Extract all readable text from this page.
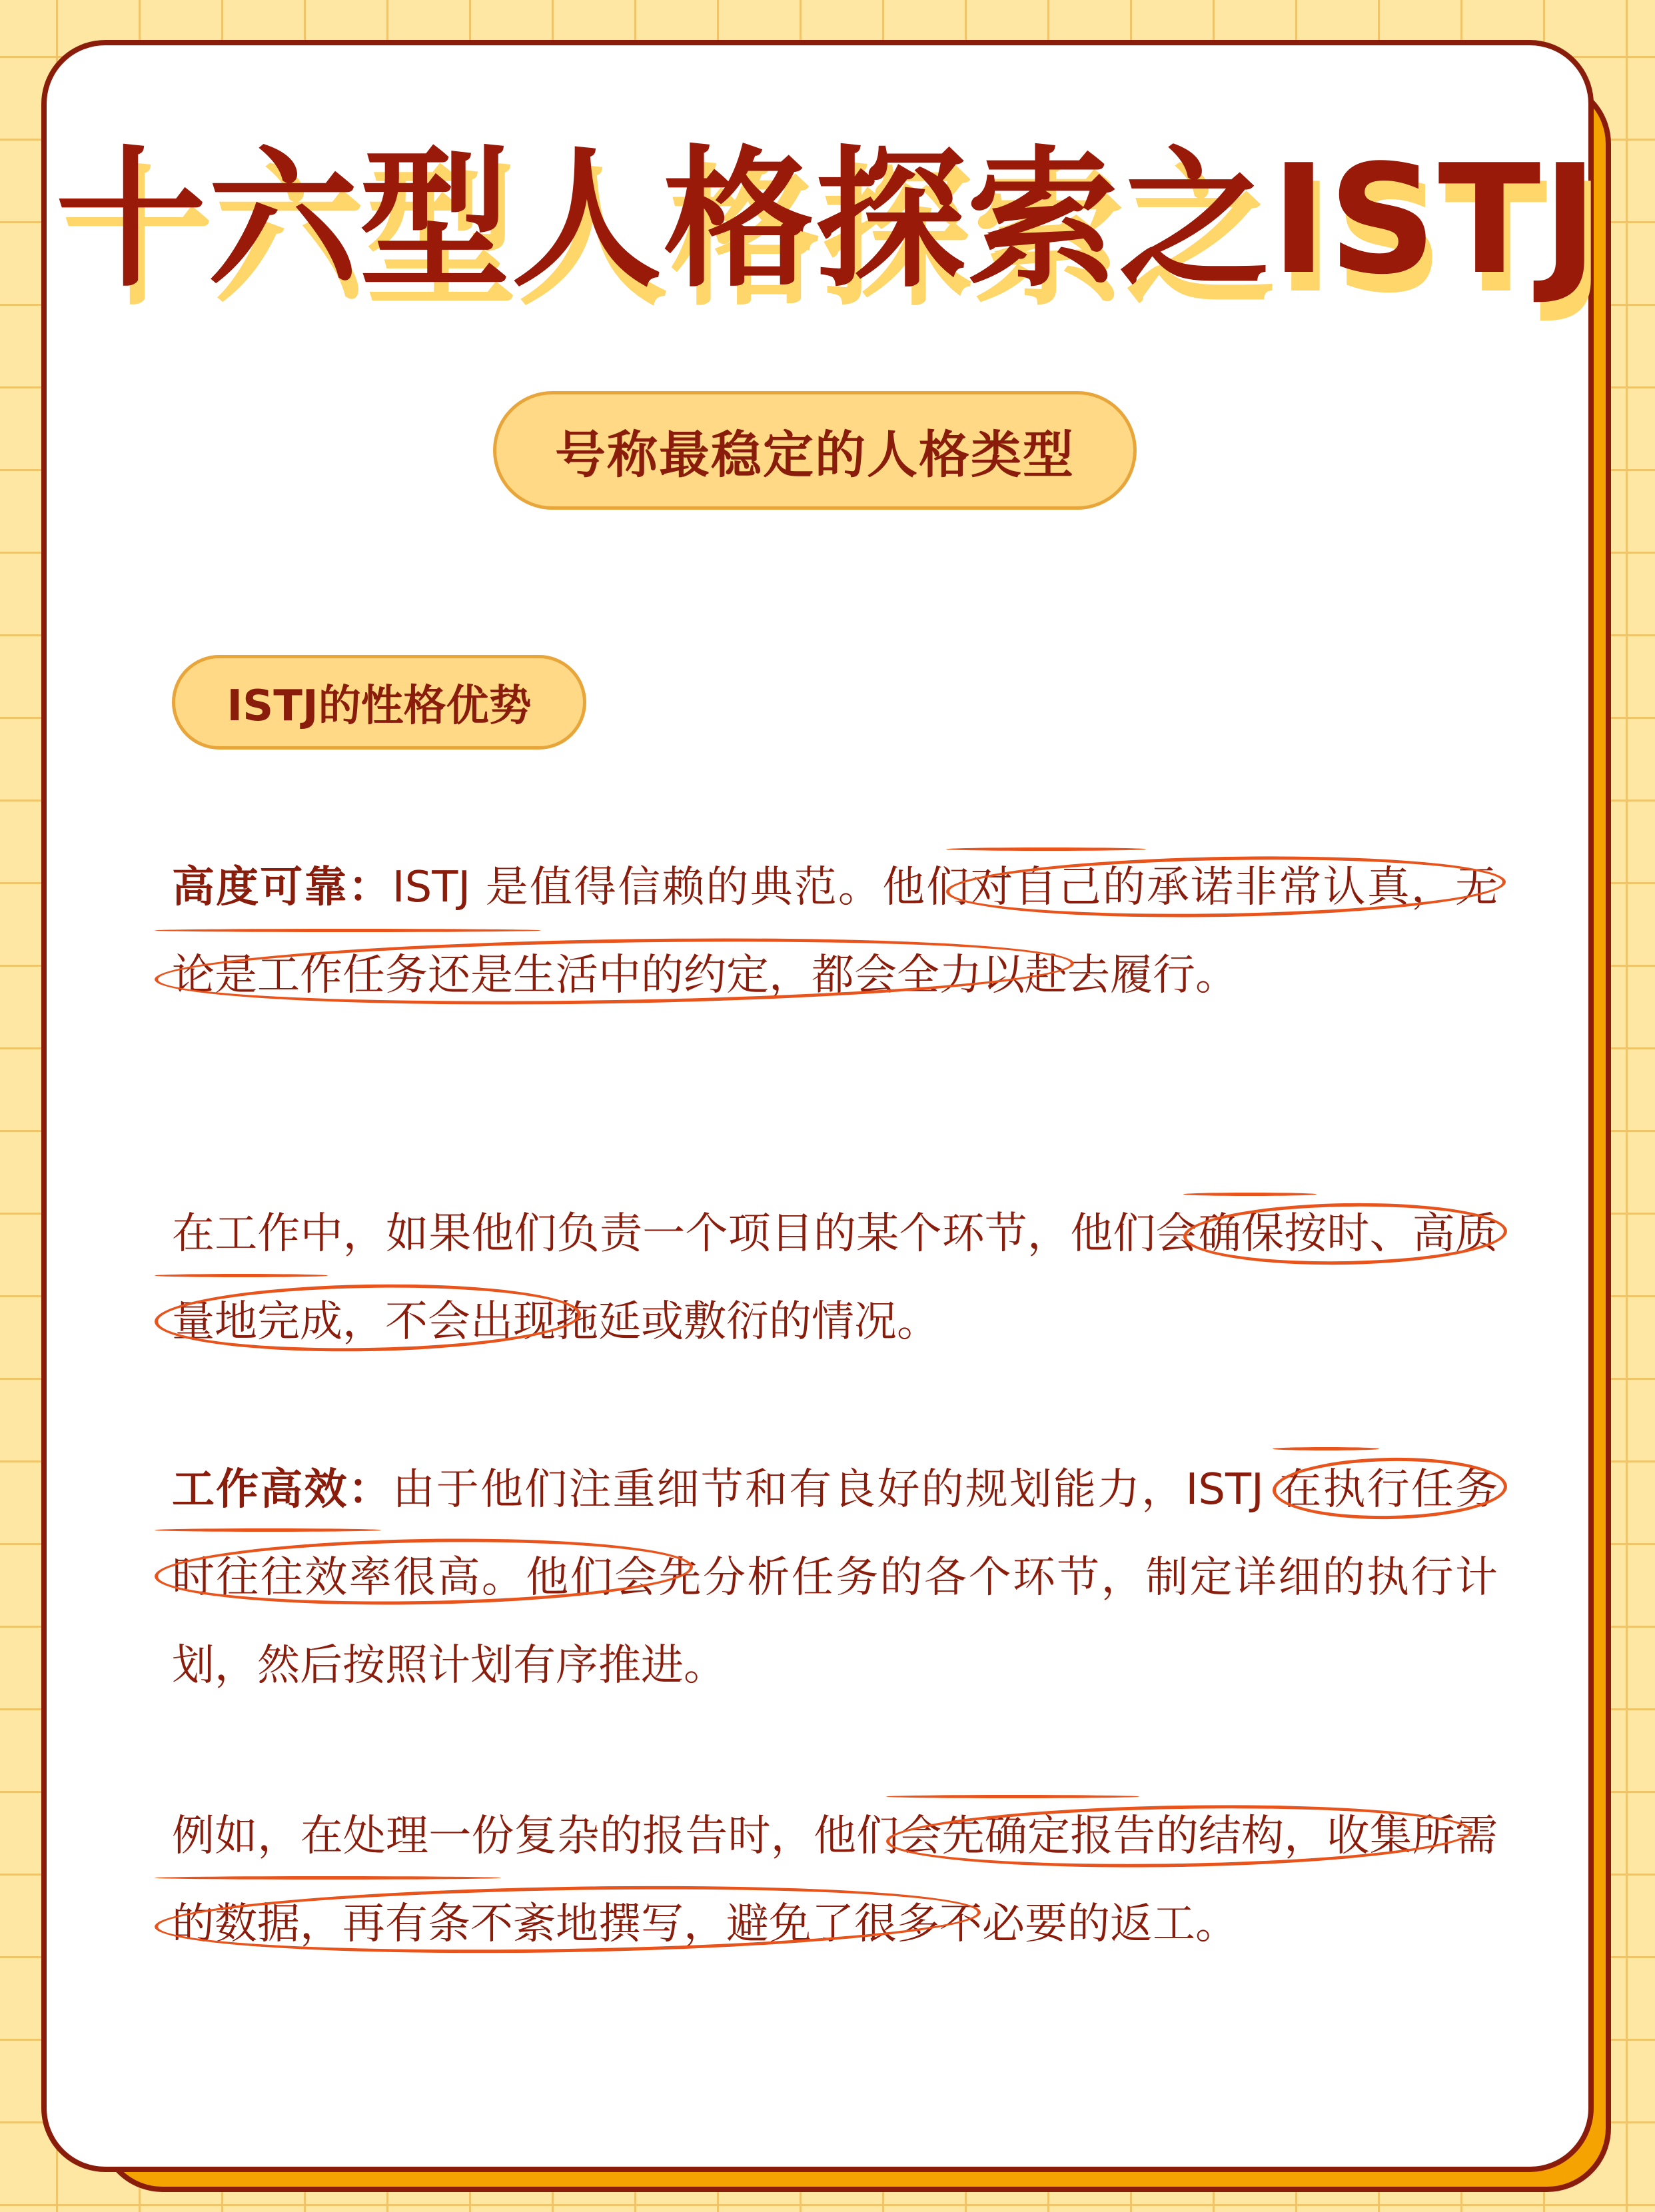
十六型人格探索之ISTJ
号称最稳定的人格类型
ISTJ的性格优势
高度可靠：ISTJ 是值得信赖的典范。他们对自己的承诺非常认真，无论是工作任务还是生活中的约定，都会全力以赴去履行。
在工作中，如果他们负责一个项目的某个环节，他们会确保按时、高质量地完成，不会出现拖延或敷衍的情况。
工作高效：由于他们注重细节和有良好的规划能力，ISTJ 在执行任务时往往效率很高。他们会先分析任务的各个环节，制定详细的执行计划，然后按照计划有序推进。
例如，在处理一份复杂的报告时，他们会先确定报告的结构，收集所需的数据，再有条不紊地撰写，避免了很多不必要的返工。
